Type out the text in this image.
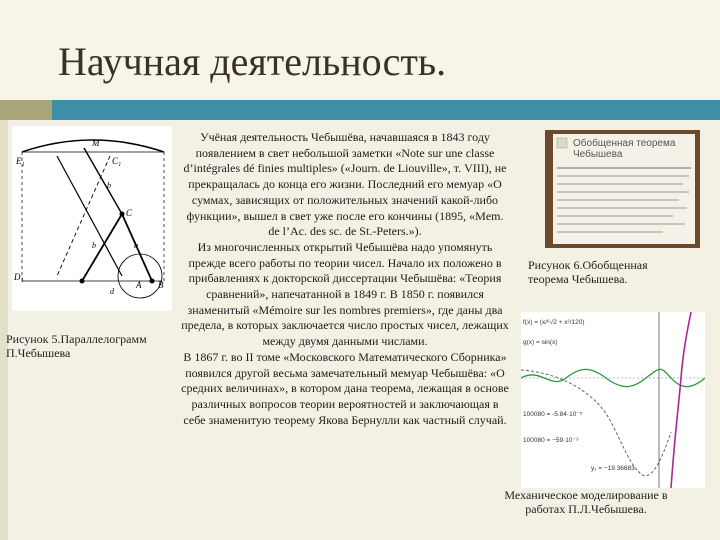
Научная деятельность.
M
E₁	C₁
C
b
b	b
D₁
d
A B
Рисунок 5.Параллелограмм П.Чебышева

Учёная деятельность Чебышёва, начавшаяся в 1843 году появлением в свет небольшой заметки «Note sur une classe d’intégrales dé finies multiples» («Journ. de Liouville», т. VIII), не прекращалась до конца его жизни. Последний его мемуар «О суммах, зависящих от положительных значений какой-либо функции», вышел в свет уже после его кончины (1895, «Mem. de l’Ac. des sc. de St.-Peters.»).

Из многочисленных открытий Чебышёва надо упомянуть прежде всего работы по теории чисел. Начало их положено в прибавлениях к докторской диссертации Чебышёва: «Теория сравнений», напечатанной в 1849 г. В 1850 г. появился знаменитый «Mémoire sur les nombres premiers», где даны два предела, в которых заключается число простых чисел, лежащих между двумя данными числами.

В 1867 г. во II томе «Московского Математического Сборника» появился другой весьма замечательный мемуар Чебышёва: «О средних величинах», в котором дана теорема, лежащая в основе различных вопросов теории вероятностей и заключающая в себе знаменитую теорему Якова Бернулли как частный случай.

Обобщенная теорема Чебышева
Рисунок 6.Обобщенная теорема Чебышева.
f(x) = (x/⁶√2 + x²/120)
g(x) = sin(x)
100080 = -5.84·10⁻⁵
100080 = −59·10⁻⁹
y₁ = −19.36683
Механическое моделирование в работах П.Л.Чебышева.
